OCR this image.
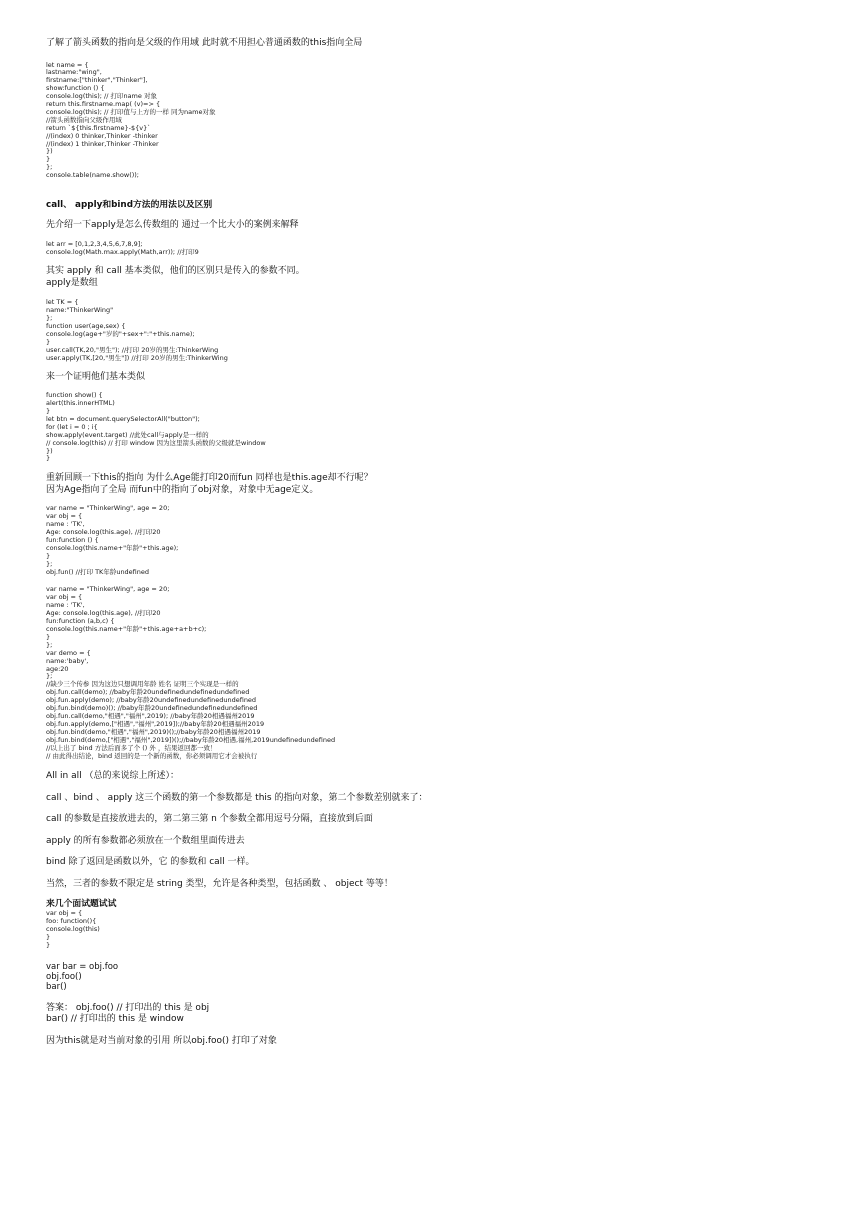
了解了箭头函数的指向是父级的作用域 此时就不用担心普通函数的this指向全局

let name = {
lastname:"wing",
firstname:["thinker","Thinker"],
show:function () {
console.log(this); // 打印name 对象
return this.firstname.map( (v)=> {
console.log(this); // 打印值与上方的一样 同为name对象
//箭头函数指向父级作用域
return `${this.firstname}-${v}`
//(index) 0 thinker,Thinker -thinker
//(index) 1 thinker,Thinker -Thinker
})
}
};
console.table(name.show());

call、 apply和bind方法的用法以及区别

先介绍一下apply是怎么传数组的 通过一个比大小的案例来解释

let arr = [0,1,2,3,4,5,6,7,8,9];
console.log(Math.max.apply(Math,arr)); //打印9

其实 apply 和 call 基本类似，他们的区别只是传入的参数不同。
apply是数组

let TK = {
name:"ThinkerWing"
};
function user(age,sex) {
console.log(age+"岁的"+sex+":"+this.name);
}
user.call(TK,20,"男生"); //打印 20岁的男生:ThinkerWing
user.apply(TK,[20,"男生"]) //打印 20岁的男生:ThinkerWing

来一个证明他们基本类似

function show() {
alert(this.innerHTML)
}
let btn = document.querySelectorAll("button");
for (let i = 0 ; i{
show.apply(event.target) //此处call与apply是一样的
// console.log(this) // 打印 window 因为这里箭头函数的父级就是window
})
}

重新回顾一下this的指向 为什么Age能打印20而fun 同样也是this.age却不行呢？
因为Age指向了全局 而fun中的指向了obj对象，对象中无age定义。

var name = "ThinkerWing", age = 20;
var obj = {
name : 'TK',
Age: console.log(this.age), //打印20
fun:function () {
console.log(this.name+"年龄"+this.age);
}
};
obj.fun() //打印 TK年龄undefined

var name = "ThinkerWing", age = 20;
var obj = {
name : 'TK',
Age: console.log(this.age), //打印20
fun:function (a,b,c) {
console.log(this.name+"年龄"+this.age+a+b+c);
}
};
var demo = {
name:'baby',
age:20
};
//缺少三个传参 因为这边只想调用年龄 姓名 证明三个实现是一样的
obj.fun.call(demo); //baby年龄20undefinedundefinedundefined
obj.fun.apply(demo); //baby年龄20undefinedundefinedundefined
obj.fun.bind(demo)(); //baby年龄20undefinedundefinedundefined
obj.fun.call(demo,"相遇","福州",2019); //baby年龄20相遇福州2019
obj.fun.apply(demo,["相遇","福州",2019]);//baby年龄20相遇福州2019
obj.fun.bind(demo,"相遇","福州",2019)();//baby年龄20相遇福州2019
obj.fun.bind(demo,["相遇","福州",2019])();//baby年龄20相遇,福州,2019undefinedundefined
//以上出了 bind 方法后面多了个 () 外 ，结果返回都一致！
// 由此得出结论，bind 返回的是一个新的函数，你必须调用它才会被执行

All in all （总的来说综上所述）：

call 、bind 、 apply 这三个函数的第一个参数都是 this 的指向对象，第二个参数差别就来了：

call 的参数是直接放进去的，第二第三第 n 个参数全都用逗号分隔，直接放到后面

apply 的所有参数都必须放在一个数组里面传进去

bind 除了返回是函数以外，它 的参数和 call 一样。

当然，三者的参数不限定是 string 类型，允许是各种类型，包括函数 、 object 等等！

来几个面试题试试

var obj = {
foo: function(){
console.log(this)
}
}

var bar = obj.foo
obj.foo()
bar()

答案： obj.foo() // 打印出的 this 是 obj
bar() // 打印出的 this 是 window

因为this就是对当前对象的引用 所以obj.foo() 打印了对象
